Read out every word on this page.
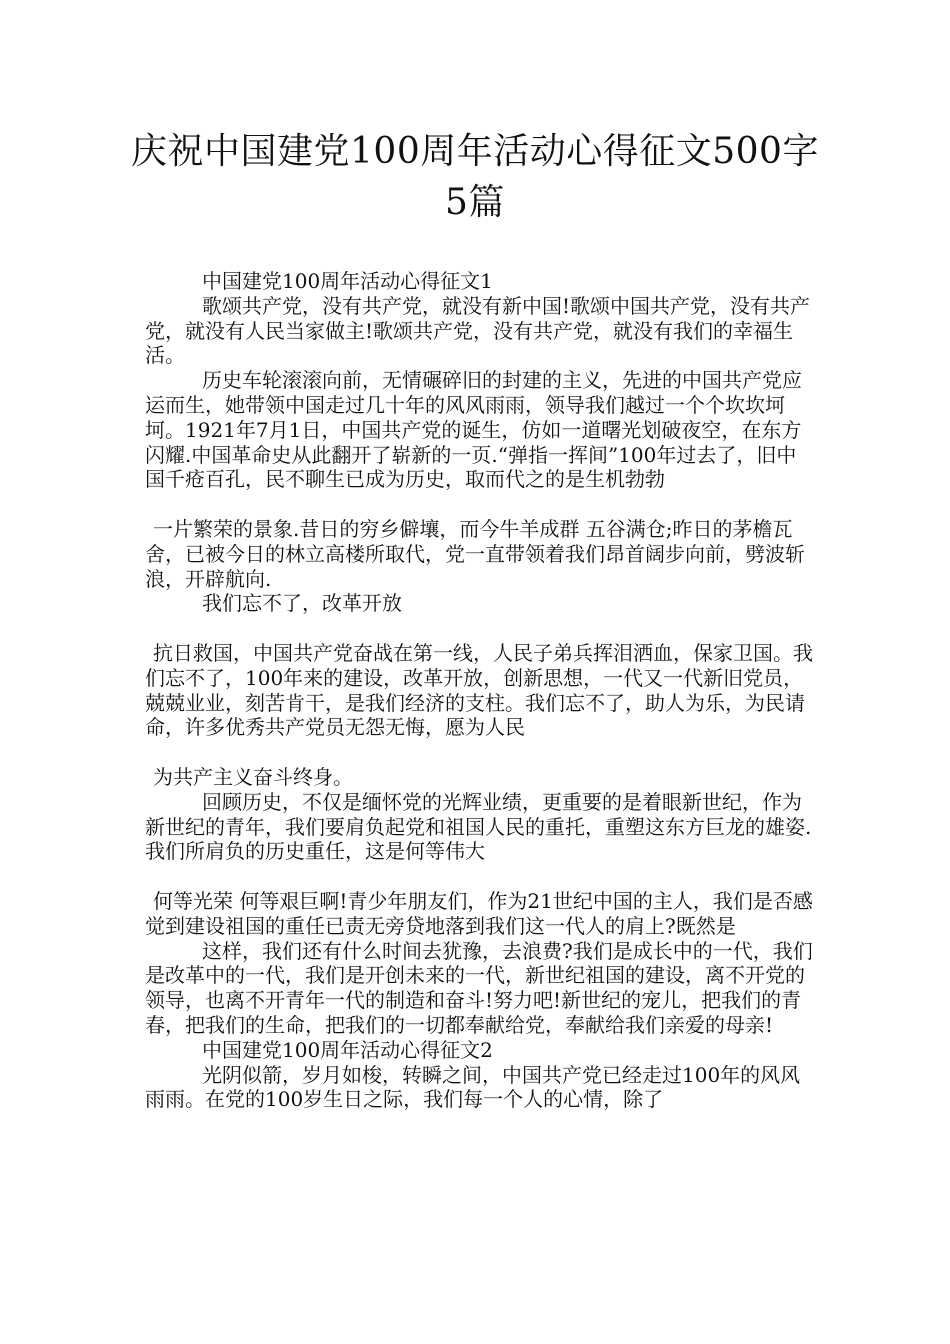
庆祝中国建党100周年活动心得征文500字
5篇

中国建党100周年活动心得征文1

歌颂共产党，没有共产党，就没有新中国!歌颂中国共产党，没有共产党，就没有人民当家做主!歌颂共产党，没有共产党，就没有我们的幸福生活。

历史车轮滚滚向前，无情碾碎旧的封建的主义，先进的中国共产党应运而生，她带领中国走过几十年的风风雨雨，领导我们越过一个个坎坎坷坷。1921年7月1日，中国共产党的诞生，仿如一道曙光划破夜空，在东方闪耀.中国革命史从此翻开了崭新的一页.“弹指一挥间”100年过去了，旧中国千疮百孔，民不聊生已成为历史，取而代之的是生机勃勃

一片繁荣的景象.昔日的穷乡僻壤，而今牛羊成群 五谷满仓;昨日的茅檐瓦舍，已被今日的林立高楼所取代，党一直带领着我们昂首阔步向前，劈波斩浪，开辟航向.

我们忘不了，改革开放

抗日救国，中国共产党奋战在第一线，人民子弟兵挥泪洒血，保家卫国。我们忘不了，100年来的建设，改革开放，创新思想，一代又一代新旧党员，兢兢业业，刻苦肯干，是我们经济的支柱。我们忘不了，助人为乐，为民请命，许多优秀共产党员无怨无悔，愿为人民

为共产主义奋斗终身。

回顾历史，不仅是缅怀党的光辉业绩，更重要的是着眼新世纪，作为新世纪的青年，我们要肩负起党和祖国人民的重托，重塑这东方巨龙的雄姿.我们所肩负的历史重任，这是何等伟大

何等光荣 何等艰巨啊!青少年朋友们，作为21世纪中国的主人，我们是否感觉到建设祖国的重任已责无旁贷地落到我们这一代人的肩上?既然是

这样，我们还有什么时间去犹豫，去浪费?我们是成长中的一代，我们是改革中的一代，我们是开创未来的一代，新世纪祖国的建设，离不开党的领导，也离不开青年一代的制造和奋斗!努力吧!新世纪的宠儿，把我们的青春，把我们的生命，把我们的一切都奉献给党，奉献给我们亲爱的母亲!

中国建党100周年活动心得征文2

光阴似箭，岁月如梭，转瞬之间，中国共产党已经走过100年的风风雨雨。在党的100岁生日之际，我们每一个人的心情，除了
